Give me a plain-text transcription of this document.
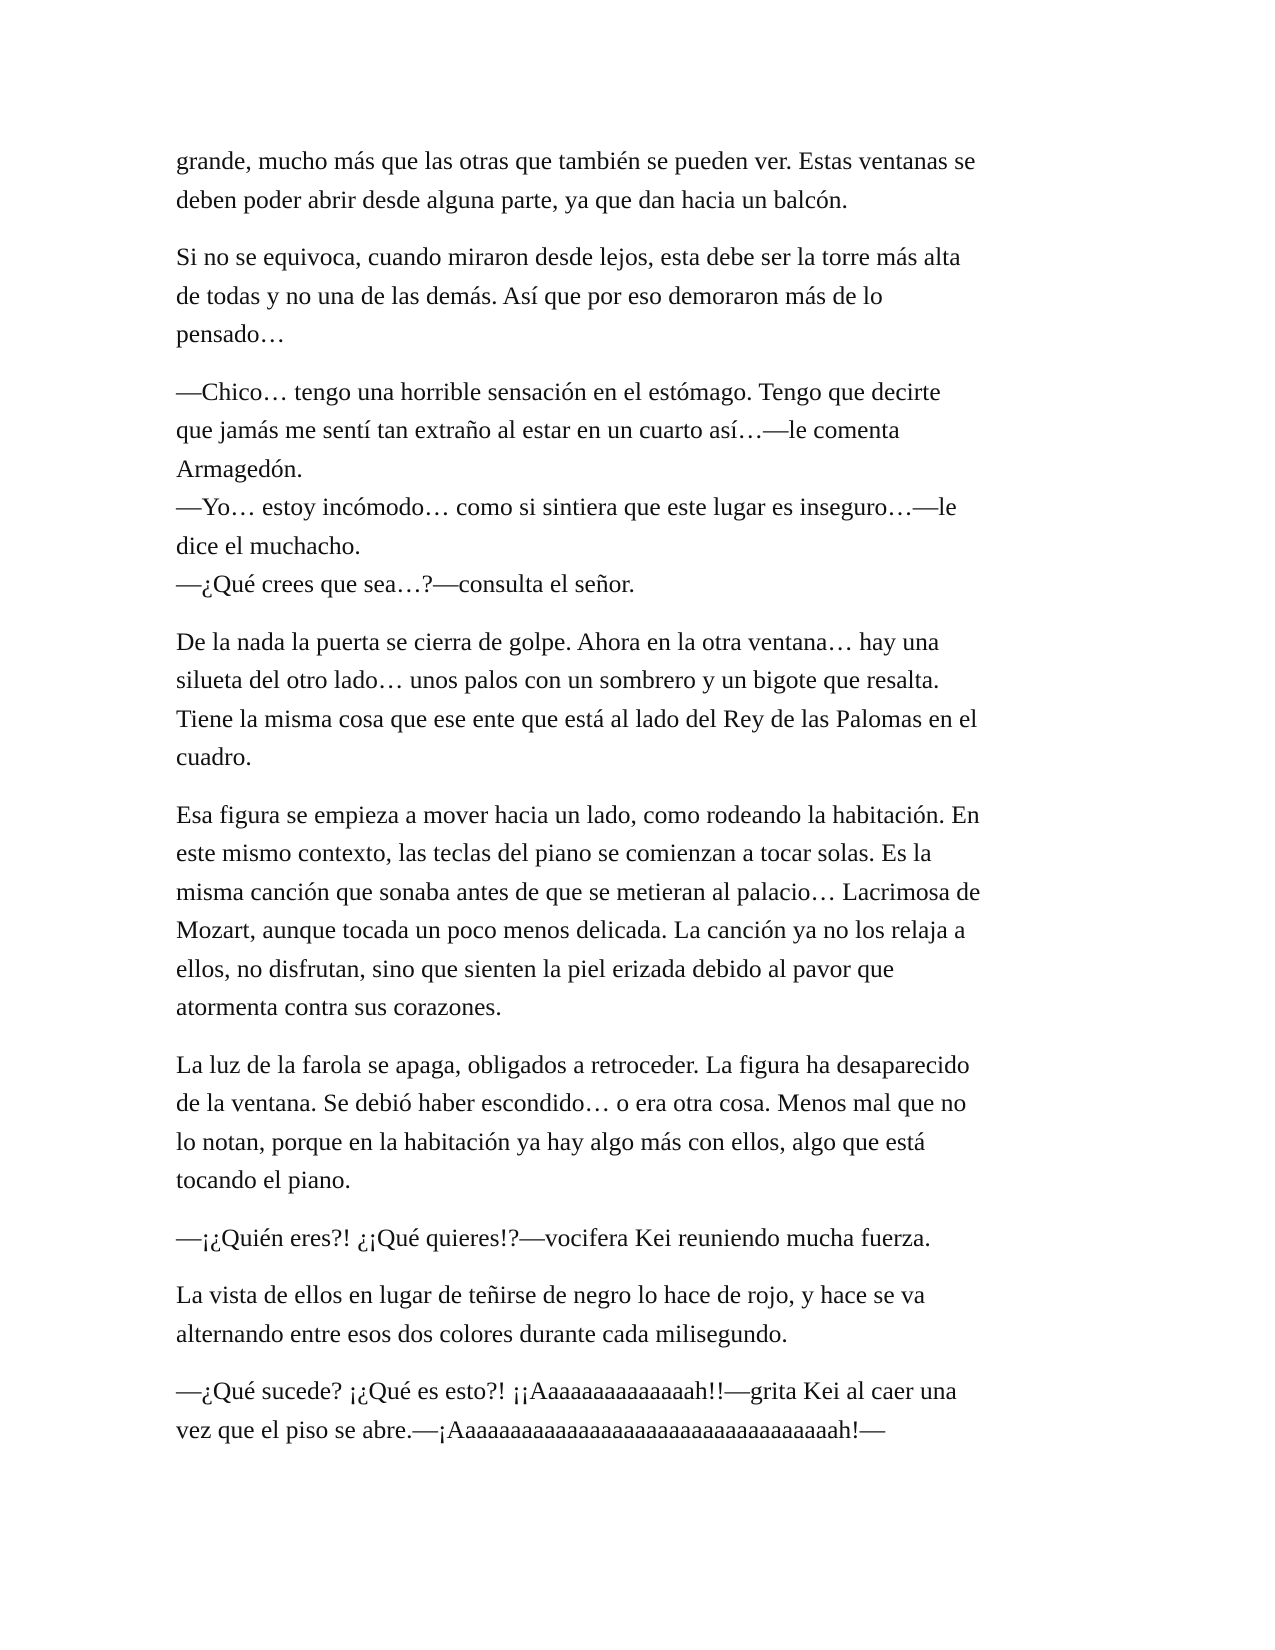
grande, mucho más que las otras que también se pueden ver. Estas ventanas se
deben poder abrir desde alguna parte, ya que dan hacia un balcón.

Si no se equivoca, cuando miraron desde lejos, esta debe ser la torre más alta
de todas y no una de las demás. Así que por eso demoraron más de lo
pensado…

—Chico… tengo una horrible sensación en el estómago. Tengo que decirte
que jamás me sentí tan extraño al estar en un cuarto así…—le comenta
Armagedón.

—Yo… estoy incómodo… como si sintiera que este lugar es inseguro…—le
dice el muchacho.

—¿Qué crees que sea…?—consulta el señor.

De la nada la puerta se cierra de golpe. Ahora en la otra ventana… hay una
silueta del otro lado… unos palos con un sombrero y un bigote que resalta.
Tiene la misma cosa que ese ente que está al lado del Rey de las Palomas en el
cuadro.

Esa figura se empieza a mover hacia un lado, como rodeando la habitación. En
este mismo contexto, las teclas del piano se comienzan a tocar solas. Es la
misma canción que sonaba antes de que se metieran al palacio… Lacrimosa de
Mozart, aunque tocada un poco menos delicada. La canción ya no los relaja a
ellos, no disfrutan, sino que sienten la piel erizada debido al pavor que
atormenta contra sus corazones.

La luz de la farola se apaga, obligados a retroceder. La figura ha desaparecido
de la ventana. Se debió haber escondido… o era otra cosa. Menos mal que no
lo notan, porque en la habitación ya hay algo más con ellos, algo que está
tocando el piano.

—¡¿Quién eres?! ¿¡Qué quieres!?—vocifera Kei reuniendo mucha fuerza.

La vista de ellos en lugar de teñirse de negro lo hace de rojo, y hace se va
alternando entre esos dos colores durante cada milisegundo.

—¿Qué sucede? ¡¿Qué es esto?! ¡¡Aaaaaaaaaaaaaah!!—grita Kei al caer una
vez que el piso se abre.—¡Aaaaaaaaaaaaaaaaaaaaaaaaaaaaaaaaaah!—
